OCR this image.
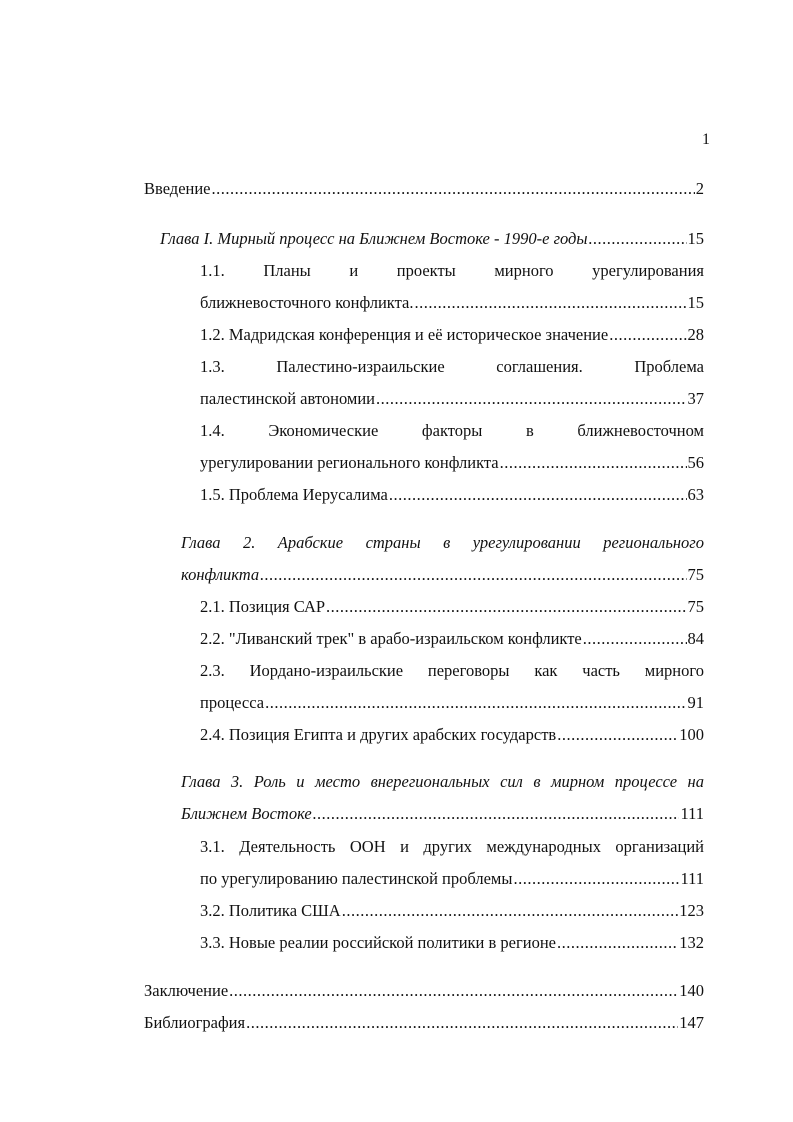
1
Введение .....	2
Глава I. Мирный процесс на Ближнем Востоке - 1990-е годы .....	15
1.1. Планы и проекты мирного урегулирования
ближневосточного конфликта. .....	15
1.2. Мадридская конференция и её историческое значение .....	28
1.3. Палестино-израильские соглашения. Проблема
палестинской автономии .....	37
1.4. Экономические факторы в ближневосточном
урегулировании регионального конфликта .....	56
1.5. Проблема Иерусалима .....	63
Глава 2. Арабские страны в урегулировании регионального
конфликта .....	75
2.1. Позиция САР .....	75
2.2. "Ливанский трек" в арабо-израильском конфликте .....	84
2.3. Иордано-израильские переговоры как часть мирного
процесса .....	91
2.4. Позиция Египта и других арабских государств .....	100
Глава 3. Роль и место внерегиональных сил в мирном процессе на
Ближнем Востоке .....	111
3.1. Деятельность ООН и других международных организаций
по урегулированию палестинской проблемы .....	111
3.2. Политика США .....	123
3.3. Новые реалии российской политики в регионе .....	132
Заключение .....	140
Библиография .....	147
